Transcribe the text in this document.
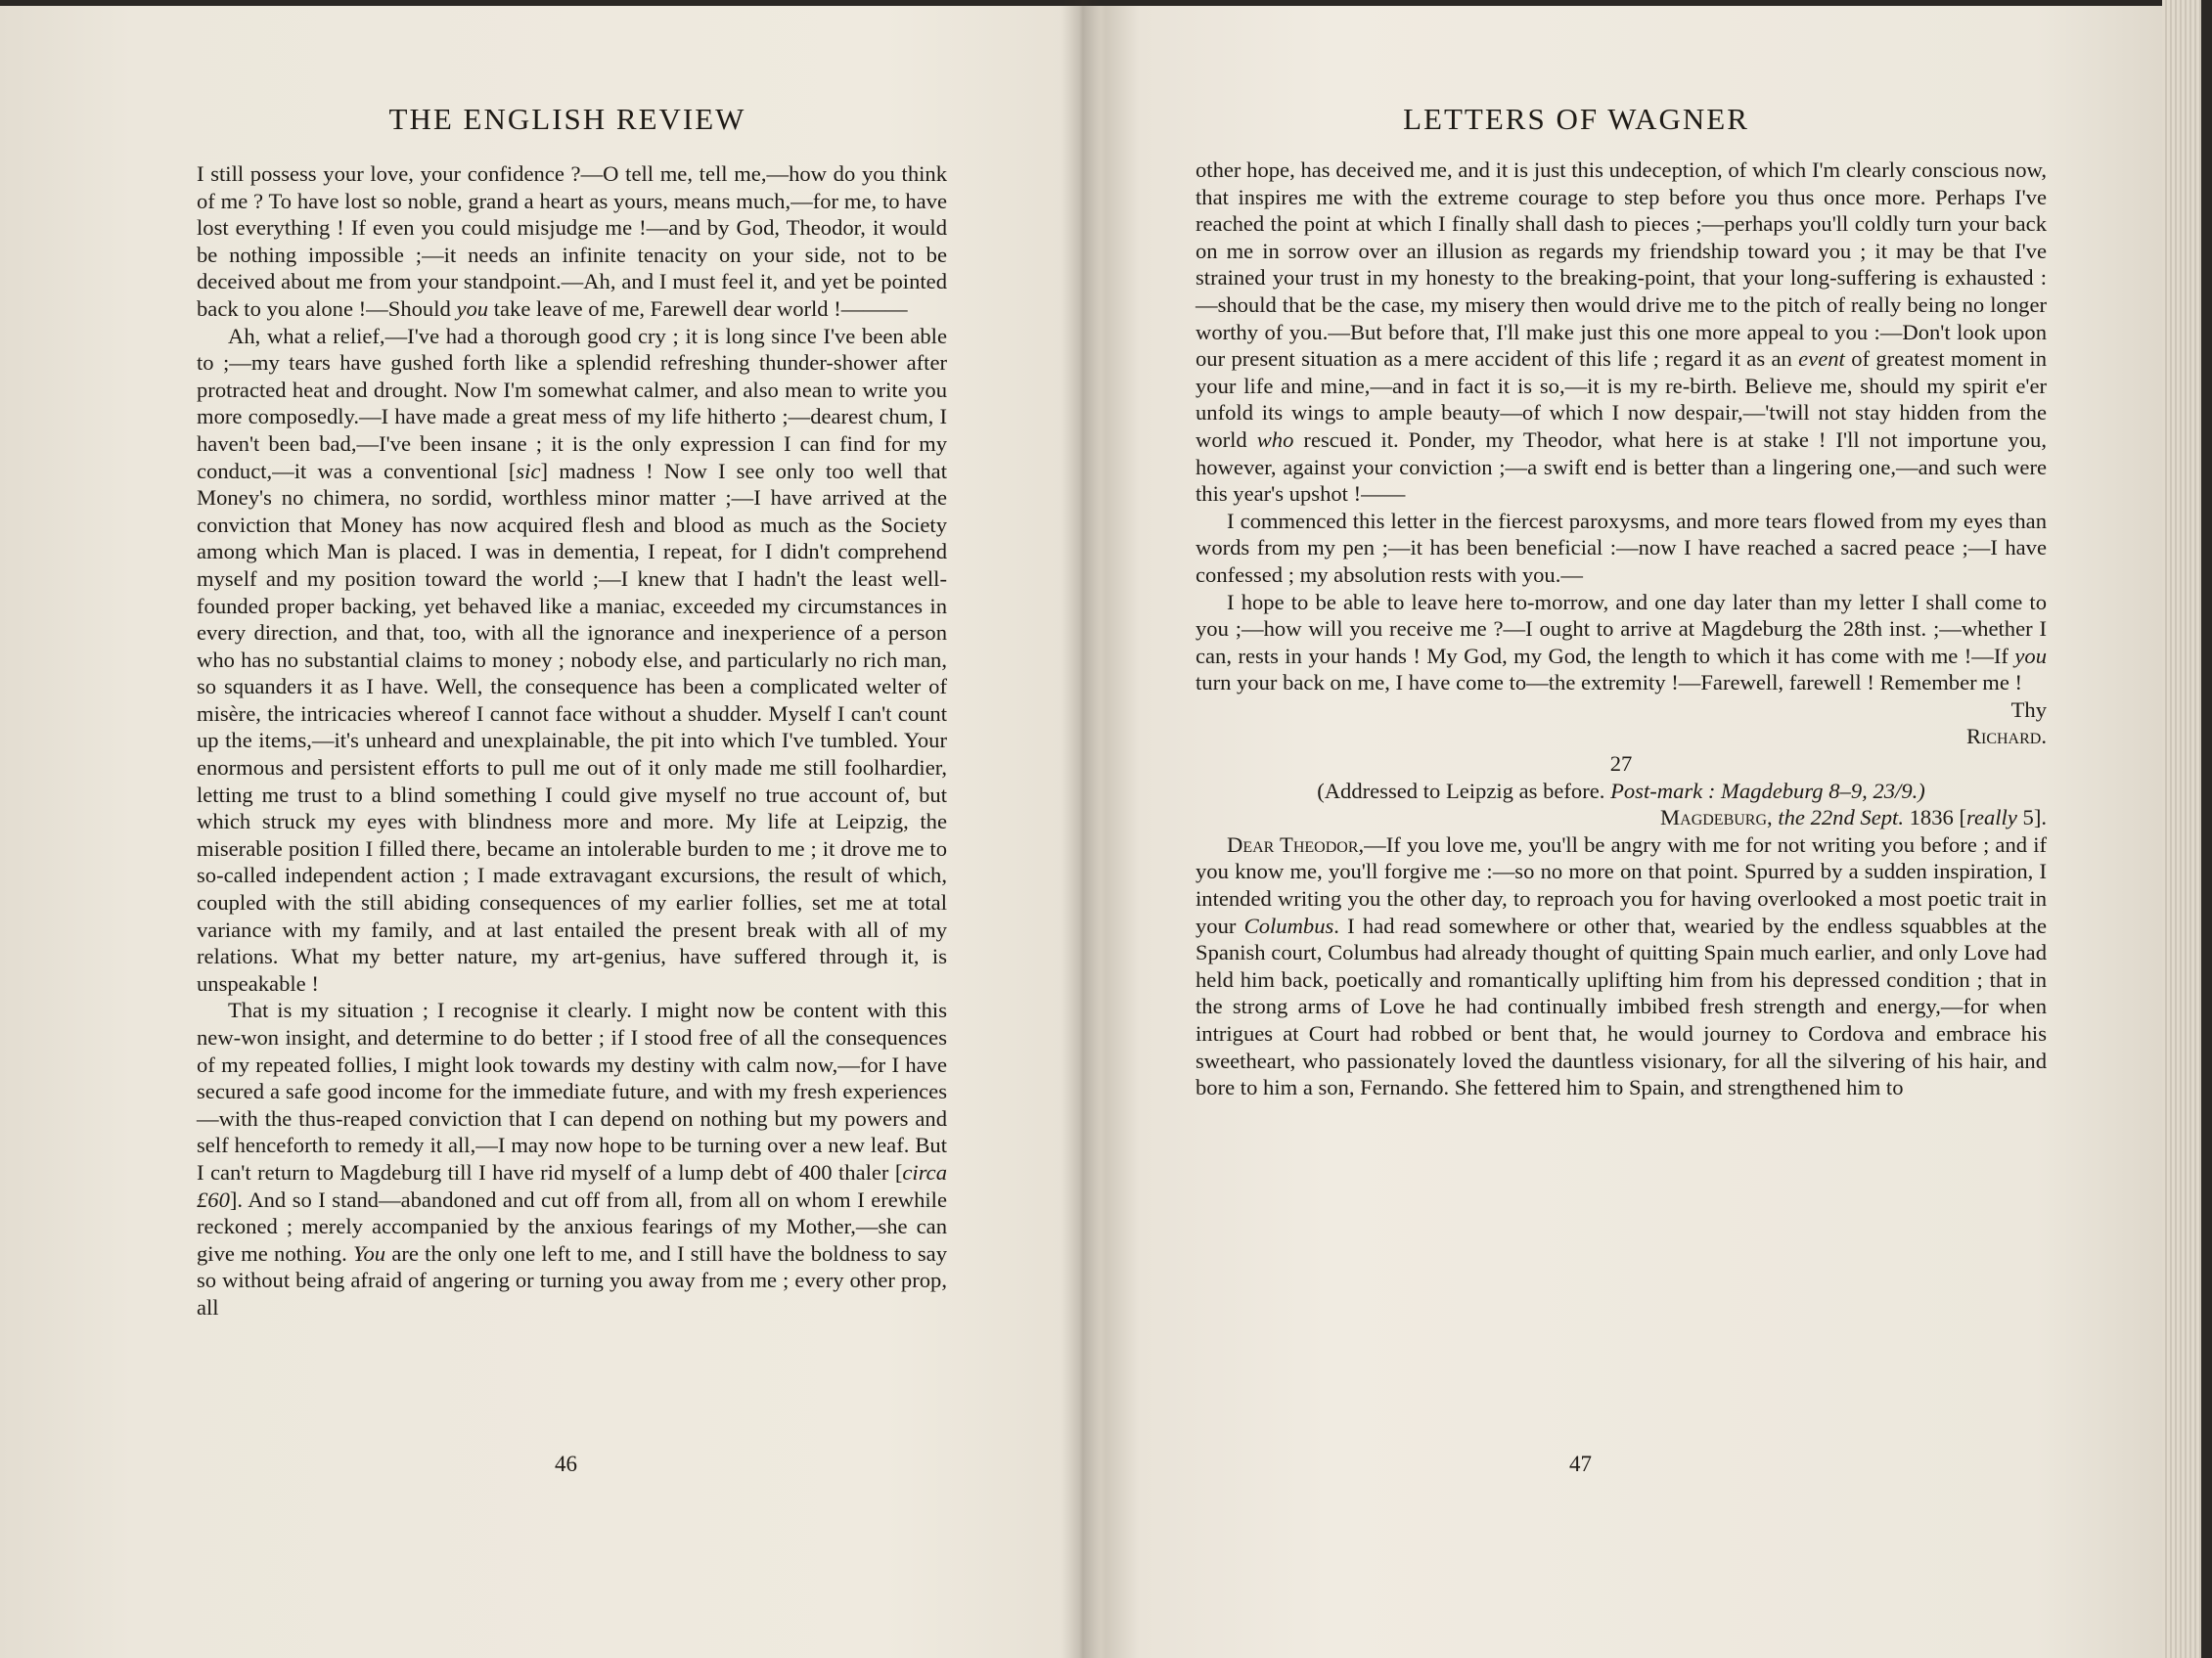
THE ENGLISH REVIEW

I still possess your love, your confidence ?—O tell me, tell me,—how do you think of me ? To have lost so noble, grand a heart as yours, means much,—for me, to have lost everything ! If even you could misjudge me !—and by God, Theodor, it would be nothing impossible ;—it needs an infinite tenacity on your side, not to be deceived about me from your standpoint.—Ah, and I must feel it, and yet be pointed back to you alone !—Should you take leave of me, Farewell dear world !———

Ah, what a relief,—I've had a thorough good cry ; it is long since I've been able to ;—my tears have gushed forth like a splendid refreshing thunder-shower after protracted heat and drought. Now I'm somewhat calmer, and also mean to write you more composedly.—I have made a great mess of my life hitherto ;—dearest chum, I haven't been bad,—I've been insane ; it is the only expression I can find for my conduct,—it was a conventional [sic] madness ! Now I see only too well that Money's no chimera, no sordid, worthless minor matter ;—I have arrived at the conviction that Money has now acquired flesh and blood as much as the Society among which Man is placed. I was in dementia, I repeat, for I didn't comprehend myself and my position toward the world ;—I knew that I hadn't the least well-founded proper backing, yet behaved like a maniac, exceeded my circumstances in every direction, and that, too, with all the ignorance and inexperience of a person who has no substantial claims to money ; nobody else, and particularly no rich man, so squanders it as I have. Well, the consequence has been a complicated welter of misère, the intricacies whereof I cannot face without a shudder. Myself I can't count up the items,—it's unheard and unexplainable, the pit into which I've tumbled. Your enormous and persistent efforts to pull me out of it only made me still foolhardier, letting me trust to a blind something I could give myself no true account of, but which struck my eyes with blindness more and more. My life at Leipzig, the miserable position I filled there, became an intolerable burden to me ; it drove me to so-called independent action ; I made extravagant excursions, the result of which, coupled with the still abiding consequences of my earlier follies, set me at total variance with my family, and at last entailed the present break with all of my relations. What my better nature, my art-genius, have suffered through it, is unspeakable !

That is my situation ; I recognise it clearly. I might now be content with this new-won insight, and determine to do better ; if I stood free of all the consequences of my repeated follies, I might look towards my destiny with calm now,—for I have secured a safe good income for the immediate future, and with my fresh experiences—with the thus-reaped conviction that I can depend on nothing but my powers and self henceforth to remedy it all,—I may now hope to be turning over a new leaf. But I can't return to Magdeburg till I have rid myself of a lump debt of 400 thaler [circa £60]. And so I stand—abandoned and cut off from all, from all on whom I erewhile reckoned ; merely accompanied by the anxious fearings of my Mother,—she can give me nothing. You are the only one left to me, and I still have the boldness to say so without being afraid of angering or turning you away from me ; every other prop, all

46
LETTERS OF WAGNER

other hope, has deceived me, and it is just this undeception, of which I'm clearly conscious now, that inspires me with the extreme courage to step before you thus once more. Perhaps I've reached the point at which I finally shall dash to pieces ;—perhaps you'll coldly turn your back on me in sorrow over an illusion as regards my friendship toward you ; it may be that I've strained your trust in my honesty to the breaking-point, that your long-suffering is exhausted :—should that be the case, my misery then would drive me to the pitch of really being no longer worthy of you.—But before that, I'll make just this one more appeal to you :—Don't look upon our present situation as a mere accident of this life ; regard it as an event of greatest moment in your life and mine,—and in fact it is so,—it is my re-birth. Believe me, should my spirit e'er unfold its wings to ample beauty—of which I now despair,—'twill not stay hidden from the world who rescued it. Ponder, my Theodor, what here is at stake ! I'll not importune you, however, against your conviction ;—a swift end is better than a lingering one,—and such were this year's upshot !——

I commenced this letter in the fiercest paroxysms, and more tears flowed from my eyes than words from my pen ;—it has been beneficial :—now I have reached a sacred peace ;—I have confessed ; my absolution rests with you.—

I hope to be able to leave here to-morrow, and one day later than my letter I shall come to you ;—how will you receive me ?—I ought to arrive at Magdeburg the 28th inst. ;—whether I can, rests in your hands ! My God, my God, the length to which it has come with me !—If you turn your back on me, I have come to—the extremity !—Farewell, farewell ! Remember me !

Thy

Richard.

27

(Addressed to Leipzig as before. Post-mark : Magdeburg 8–9, 23/9.)

Magdeburg, the 22nd Sept. 1836 [really 5].

Dear Theodor,—If you love me, you'll be angry with me for not writing you before ; and if you know me, you'll forgive me :—so no more on that point. Spurred by a sudden inspiration, I intended writing you the other day, to reproach you for having overlooked a most poetic trait in your Columbus. I had read somewhere or other that, wearied by the endless squabbles at the Spanish court, Columbus had already thought of quitting Spain much earlier, and only Love had held him back, poetically and romantically uplifting him from his depressed condition ; that in the strong arms of Love he had continually imbibed fresh strength and energy,—for when intrigues at Court had robbed or bent that, he would journey to Cordova and embrace his sweetheart, who passionately loved the dauntless visionary, for all the silvering of his hair, and bore to him a son, Fernando. She fettered him to Spain, and strengthened him to

47
